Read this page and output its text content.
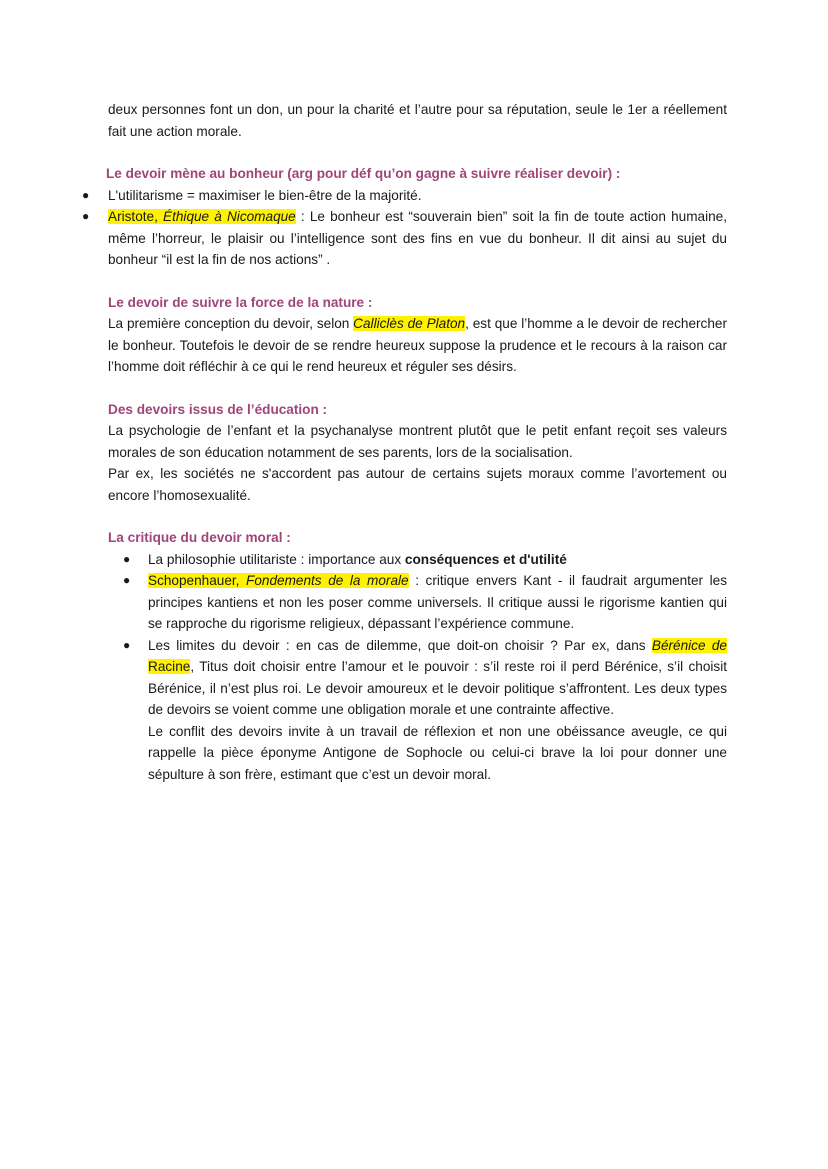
deux personnes font un don, un pour la charité et l’autre pour sa réputation, seule le 1er a réellement fait une action morale.

Le devoir mène au bonheur (arg pour déf qu’on gagne à suivre réaliser devoir) :

● L'utilitarisme = maximiser le bien-être de la majorité.
● Aristote, Éthique à Nicomaque : Le bonheur est “souverain bien” soit la fin de toute action humaine, même l’horreur, le plaisir ou l’intelligence sont des fins en vue du bonheur. Il dit ainsi au sujet du bonheur “il est la fin de nos actions” .

Le devoir de suivre la force de la nature :

La première conception du devoir, selon Calliclès de Platon, est que l’homme a le devoir de rechercher le bonheur. Toutefois le devoir de se rendre heureux suppose la prudence et le recours à la raison car l’homme doit réfléchir à ce qui le rend heureux et réguler ses désirs.

Des devoirs issus de l’éducation :

La psychologie de l’enfant et la psychanalyse montrent plutôt que le petit enfant reçoit ses valeurs morales de son éducation notamment de ses parents, lors de la socialisation.

Par ex, les sociétés ne s'accordent pas autour de certains sujets moraux comme l’avortement ou encore l’homosexualité.

La critique du devoir moral :

● La philosophie utilitariste : importance aux conséquences et d'utilité
● Schopenhauer, Fondements de la morale : critique envers Kant - il faudrait argumenter les principes kantiens et non les poser comme universels. Il critique aussi le rigorisme kantien qui se rapproche du rigorisme religieux, dépassant l’expérience commune.
● Les limites du devoir : en cas de dilemme, que doit-on choisir ? Par ex, dans Bérénice de Racine, Titus doit choisir entre l’amour et le pouvoir : s’il reste roi il perd Bérénice, s’il choisit Bérénice, il n’est plus roi. Le devoir amoureux et le devoir politique s’affrontent. Les deux types de devoirs se voient comme une obligation morale et une contrainte affective.
Le conflit des devoirs invite à un travail de réflexion et non une obéissance aveugle, ce qui rappelle la pièce éponyme Antigone de Sophocle ou celui-ci brave la loi pour donner une sépulture à son frère, estimant que c’est un devoir moral.
